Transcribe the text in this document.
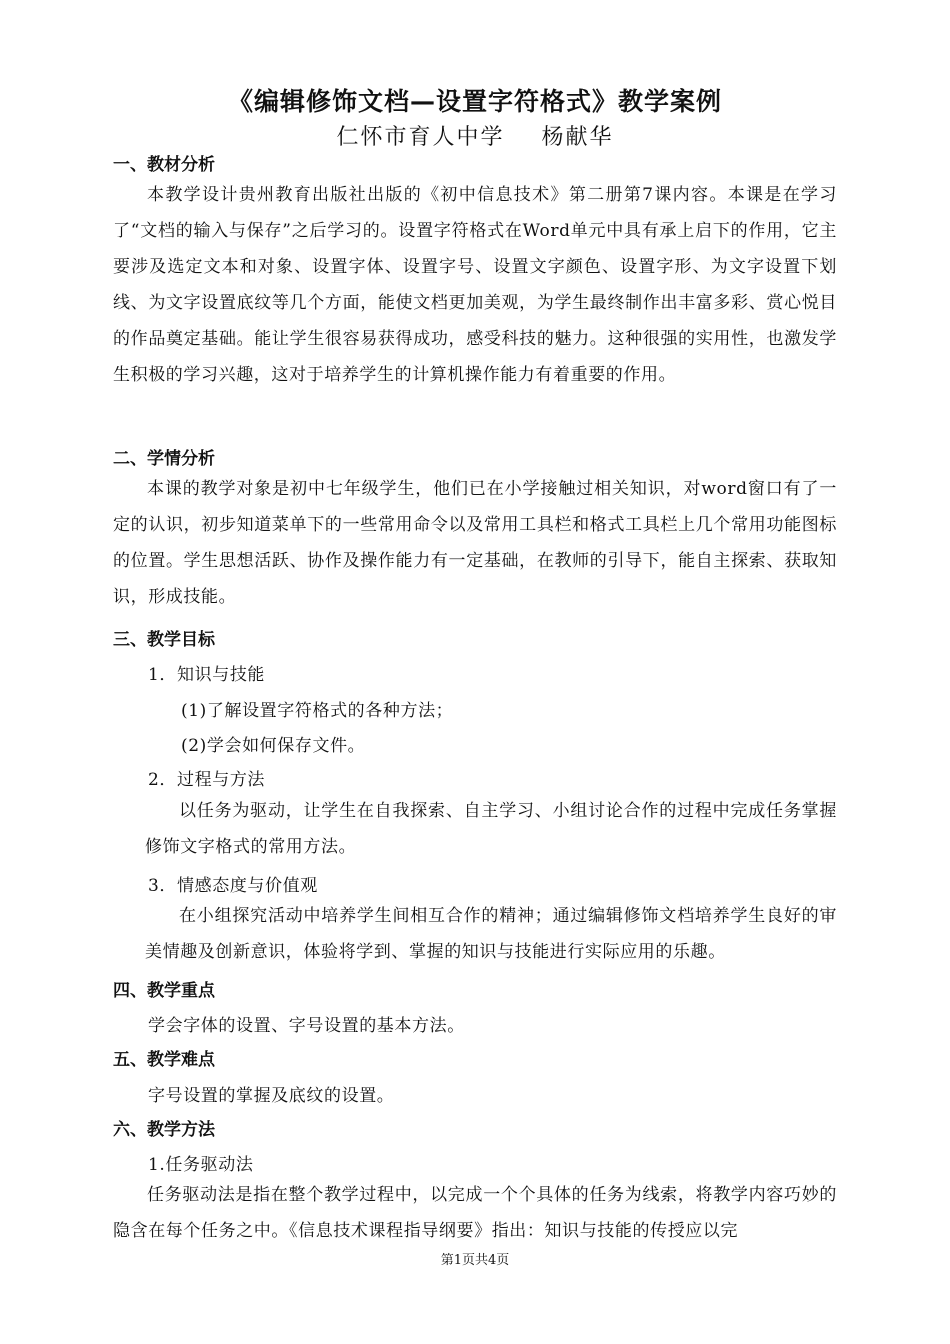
《编辑修饰文档—设置字符格式》教学案例
仁怀市育人中学 杨献华
一、教材分析
本教学设计贵州教育出版社出版的《初中信息技术》第二册第7课内容。本课是在学习了“文档的输入与保存”之后学习的。设置字符格式在Word单元中具有承上启下的作用，它主要涉及选定文本和对象、设置字体、设置字号、设置文字颜色、设置字形、为文字设置下划线、为文字设置底纹等几个方面，能使文档更加美观，为学生最终制作出丰富多彩、赏心悦目的作品奠定基础。能让学生很容易获得成功，感受科技的魅力。这种很强的实用性，也激发学生积极的学习兴趣，这对于培养学生的计算机操作能力有着重要的作用。
二、学情分析
本课的教学对象是初中七年级学生，他们已在小学接触过相关知识，对word窗口有了一定的认识，初步知道菜单下的一些常用命令以及常用工具栏和格式工具栏上几个常用功能图标的位置。学生思想活跃、协作及操作能力有一定基础，在教师的引导下，能自主探索、获取知识，形成技能。
三、教学目标
1．知识与技能
(1)了解设置字符格式的各种方法；
(2)学会如何保存文件。
2．过程与方法
以任务为驱动，让学生在自我探索、自主学习、小组讨论合作的过程中完成任务掌握修饰文字格式的常用方法。
3．情感态度与价值观
在小组探究活动中培养学生间相互合作的精神；通过编辑修饰文档培养学生良好的审美情趣及创新意识，体验将学到、掌握的知识与技能进行实际应用的乐趣。
四、教学重点
学会字体的设置、字号设置的基本方法。
五、教学难点
字号设置的掌握及底纹的设置。
六、教学方法
1.任务驱动法
任务驱动法是指在整个教学过程中，以完成一个个具体的任务为线索，将教学内容巧妙的隐含在每个任务之中。《信息技术课程指导纲要》指出：知识与技能的传授应以完
第1页共4页
